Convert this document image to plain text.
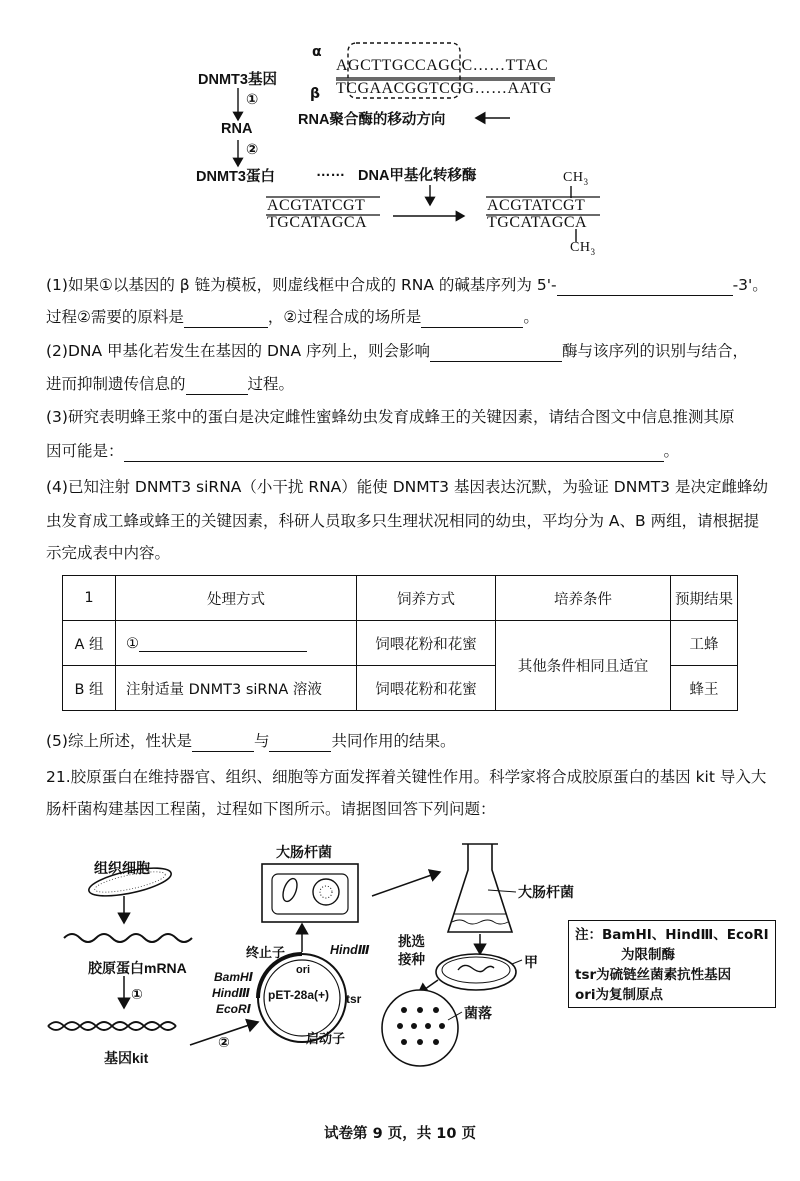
DNMT3基因
①
RNA
②
DNMT3蛋白	…… DNA甲基化转移酶
α
β
AGCTTGCCAGCC……TTAC
TCGAACGGTCGG……AATG
RNA聚合酶的移动方向
ACGTATCGT
TGCATAGCA
ACGTATCGT
TGCATAGCA
$CH_3$
$CH_3$
(1)如果①以基因的 β 链为模板，则虚线框中合成的 RNA 的碱基序列为 5'-	-3'。
过程②需要的原料是	，②过程合成的场所是	。
(2)DNA 甲基化若发生在基因的 DNA 序列上，则会影响	酶与该序列的识别与结合，
进而抑制遗传信息的	过程。
(3)研究表明蜂王浆中的蛋白是决定雌性蜜蜂幼虫发育成蜂王的关键因素，请结合图文中信息推测其原
因可能是：	。
(4)已知注射 DNMT3 siRNA（小干扰 RNA）能使 DNMT3 基因表达沉默，为验证 DNMT3 是决定雌蜂幼
虫发育成工蜂或蜂王的关键因素，科研人员取多只生理状况相同的幼虫，平均分为 A、B 两组，请根据提
示完成表中内容。
1	处理方式	饲养方式	培养条件	预期结果
A 组	①	饲喂花粉和花蜜	其他条件相同且适宜	工蜂
B 组	注射适量 DNMT3 siRNA 溶液	饲喂花粉和花蜜		蜂王
(5)综上所述，性状是	与	共同作用的结果。
21.胶原蛋白在维持器官、组织、细胞等方面发挥着关键性作用。科学家将合成胶原蛋白的基因 kit 导入大
肠杆菌构建基因工程菌，过程如下图所示。请据图回答下列问题：
组织细胞
胶原蛋白mRNA
①
基因kit
②
大肠杆菌
终止子	HindⅢ
ori
BamHⅠ
HindⅢ
EcoRⅠ
pET-28a(+) tsr
启动子
大肠杆菌
挑选
接种	甲
菌落
注：BamHⅠ、HindⅢ、EcoRⅠ
为限制酶
tsr为硫链丝菌素抗性基因
ori为复制原点
试卷第 9 页，共 10 页
